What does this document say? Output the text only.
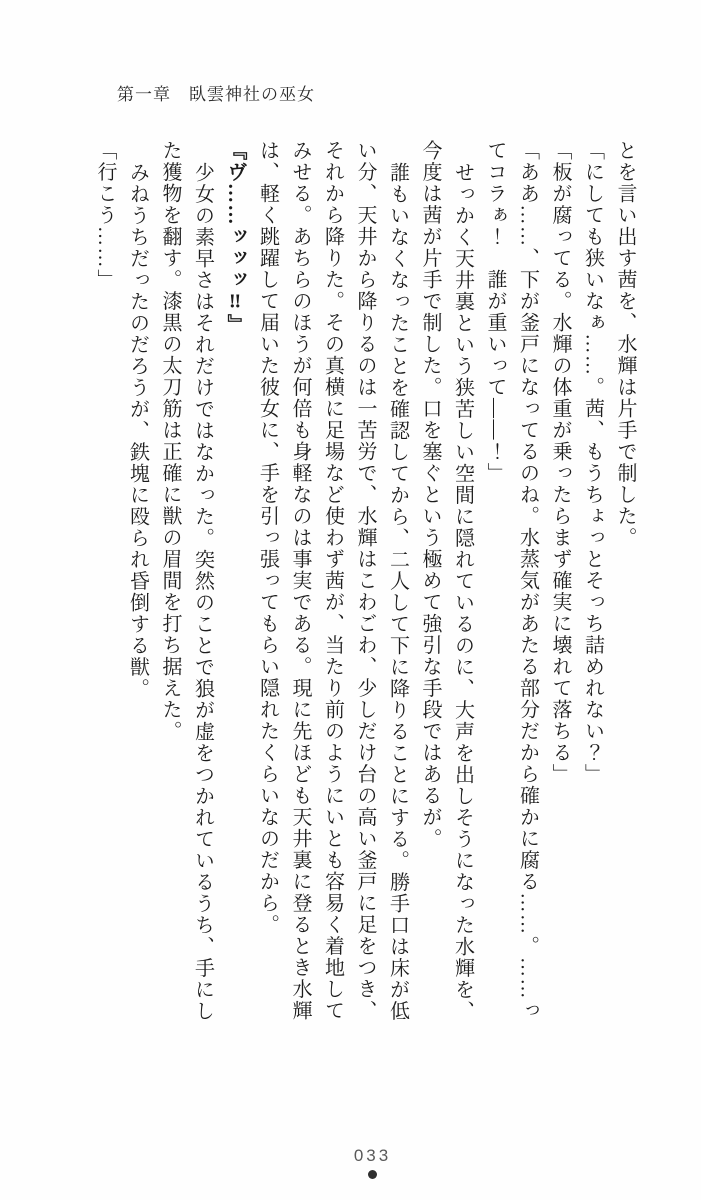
第一章　臥雲神社の巫女

とを言い出す茜を、水輝は片手で制した。

「にしても狭いなぁ……。茜、もうちょっとそっち詰めれない？」

「板が腐ってる。水輝の体重が乗ったらまず確実に壊れて落ちる」

「ああ……、下が釜戸になってるのね。水蒸気があたる部分だから確かに腐る……。……ってコラぁ！　誰が重いって――！」

せっかく天井裏という狭苦しい空間に隠れているのに、大声を出しそうになった水輝を、今度は茜が片手で制した。口を塞ぐという極めて強引な手段ではあるが。

誰もいなくなったことを確認してから、二人して下に降りることにする。勝手口は床が低い分、天井から降りるのは一苦労で、水輝はこわごわ、少しだけ台の高い釜戸に足をつき、それから降りた。その真横に足場など使わず茜が、当たり前のようにいとも容易く着地してみせる。あちらのほうが何倍も身軽なのは事実である。現に先ほども天井裏に登るとき水輝は、軽く跳躍して届いた彼女に、手を引っ張ってもらい隠れたくらいなのだから。

『ヴ……ッッッ‼』

少女の素早さはそれだけではなかった。突然のことで狼が虚をつかれているうち、手にした獲物を翻す。漆黒の太刀筋は正確に獣の眉間を打ち据えた。

みねうちだったのだろうが、鉄塊に殴られ昏倒する獣。

「行こう……」

033
